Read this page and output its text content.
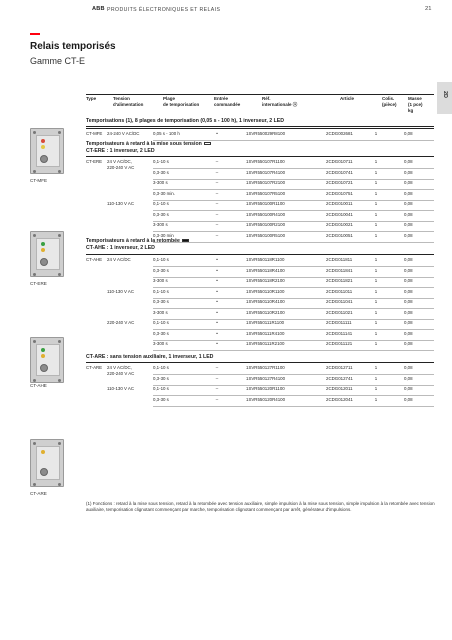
ABB PRODUITS ÉLECTRONIQUES ET RELAIS	21
Relais temporisés
Gamme CT-E
2D
CT-MFE
CT-ERE
CT-AHE
CT-ARE
Type	Tension
d'alimentation
Plage
de temporisation
Entrée
commandée
Réf.
internationale ⓐ
Article	Colis.
(pièce)
Masse
(1 pce)
kg
Temporisations (1), 8 plages de temporisation (0,05 s - 100 h), 1 inverseur, 2 LED
CT-MFE 24-240 V AC/DC	0,05 s - 100 h	•	1SVR550029R8100	2CDG002681	1	0,08
Temporisateurs à retard à la mise sous tension
CT-ERE : 1 inverseur, 2 LED
CT-ERE 24 V AC/DC,
220-240 V AC
0,1-10 s	–	1SVR550107R1100	2CDG010711	1	0,08
0,3-30 s	–	1SVR550107R4100	2CDG010741	1	0,08
3-300 s	–	1SVR550107R2100	2CDG010721	1	0,08
0,3-30 min.	–	1SVR550107R5100	2CDG010751	1	0,08
110-130 V AC	0,1-10 s	–	1SVR550100R1100	2CDG010011	1	0,08
0,3-30 s	–	1SVR550100R4100	2CDG010041	1	0,08
3-300 s	–	1SVR550100R2100	2CDG010021	1	0,08
0,3-30 min	–	1SVR550100R5100	2CDG010051	1	0,08
Temporisateurs à retard à la retombée
CT-AHE : 1 inverseur, 2 LED
CT-AHE 24 V AC/DC	0,1-10 s	•	1SVR550118R1100	2CDG011811	1	0,08
0,3-30 s	•	1SVR550118R4100	2CDG011841	1	0,08
3-300 s	•	1SVR550118R2100	2CDG011821	1	0,08
110-130 V AC	0,1-10 s	•	1SVR550110R1100	2CDG011011	1	0,08
0,3-30 s	•	1SVR550110R4100	2CDG011041	1	0,08
3-300 s	•	1SVR550110R2100	2CDG011021	1	0,08
220-240 V AC	0,1-10 s	•	1SVR550111R1100	2CDG011111	1	0,08
0,3-30 s	•	1SVR550111R4100	2CDG011141	1	0,08
3-300 s	•	1SVR550111R2100	2CDG011121	1	0,08
CT-ARE : sans tension auxiliaire, 1 inverseur, 1 LED
CT-ARE 24 V AC/DC,
220-240 V AC
0,1-10 s	–	1SVR550127R1100	2CDG012711	1	0,08
0,3-30 s	–	1SVR550127R4100	2CDG012741	1	0,08
110-130 V AC	0,1-10 s	–	1SVR550120R1100	2CDG012011	1	0,08
0,3-30 s	–	1SVR550120R4100	2CDG012041	1	0,08
(1) Fonctions : retard à la mise sous tension, retard à la retombée avec tension auxiliaire, simple impulsion à la mise sous tension, simple impulsion à la retombée avec tension auxiliaire, temporisation clignotant commençant par marche, temporisation clignotant commençant par arrêt, générateur d'impulsions.
